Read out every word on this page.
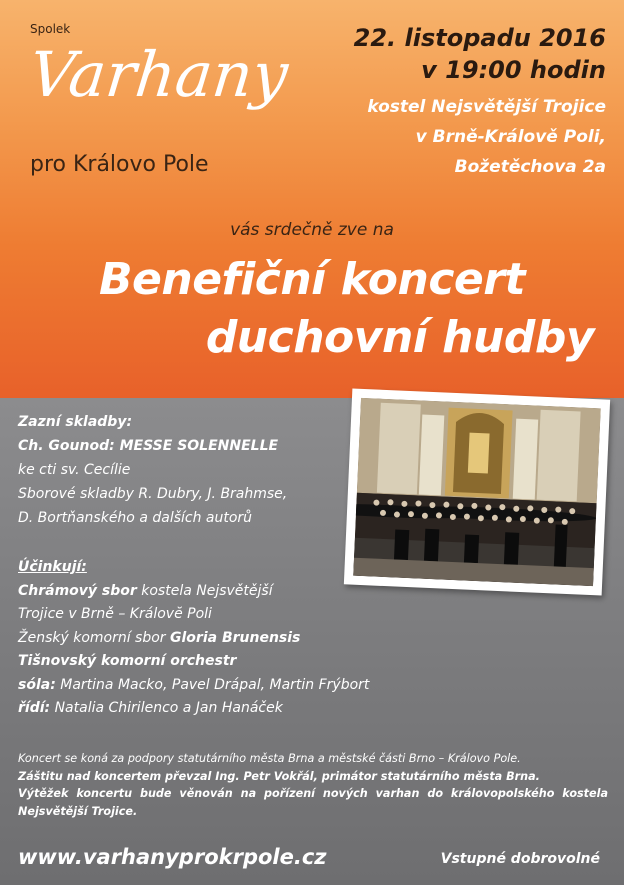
Spolek
Varhany
pro Královo Pole
22. listopadu 2016
v 19:00 hodin
kostel Nejsvětější Trojice
v Brně-Králově Poli,
Božetěchova 2a
vás srdečně zve na
Benefiční koncert
duchovní hudby
Zazní skladby:
Ch. Gounod: MESSE SOLENNELLE
ke cti sv. Cecílie
Sborové skladby R. Dubry, J. Brahmse,
D. Bortňanského a dalších autorů
Účinkují:
Chrámový sbor kostela Nejsvětější
Trojice v Brně – Královĕ Poli
Ženský komorní sbor Gloria Brunensis
Tišnovský komorní orchestr
sóla: Martina Macko, Pavel Drápal, Martin Frýbort
řídí: Natalia Chirilenco a Jan Hanáček
Koncert se koná za podpory statutárního města Brna a městské části Brno – Královo Pole.
Záštitu nad koncertem převzal Ing. Petr Vokřál, primátor statutárního města Brna.
Výtěžek koncertu bude věnován na pořízení nových varhan do královopolského kostela Nejsvětější Trojice.
www.varhanyprokrpole.cz	Vstupné dobrovolné
